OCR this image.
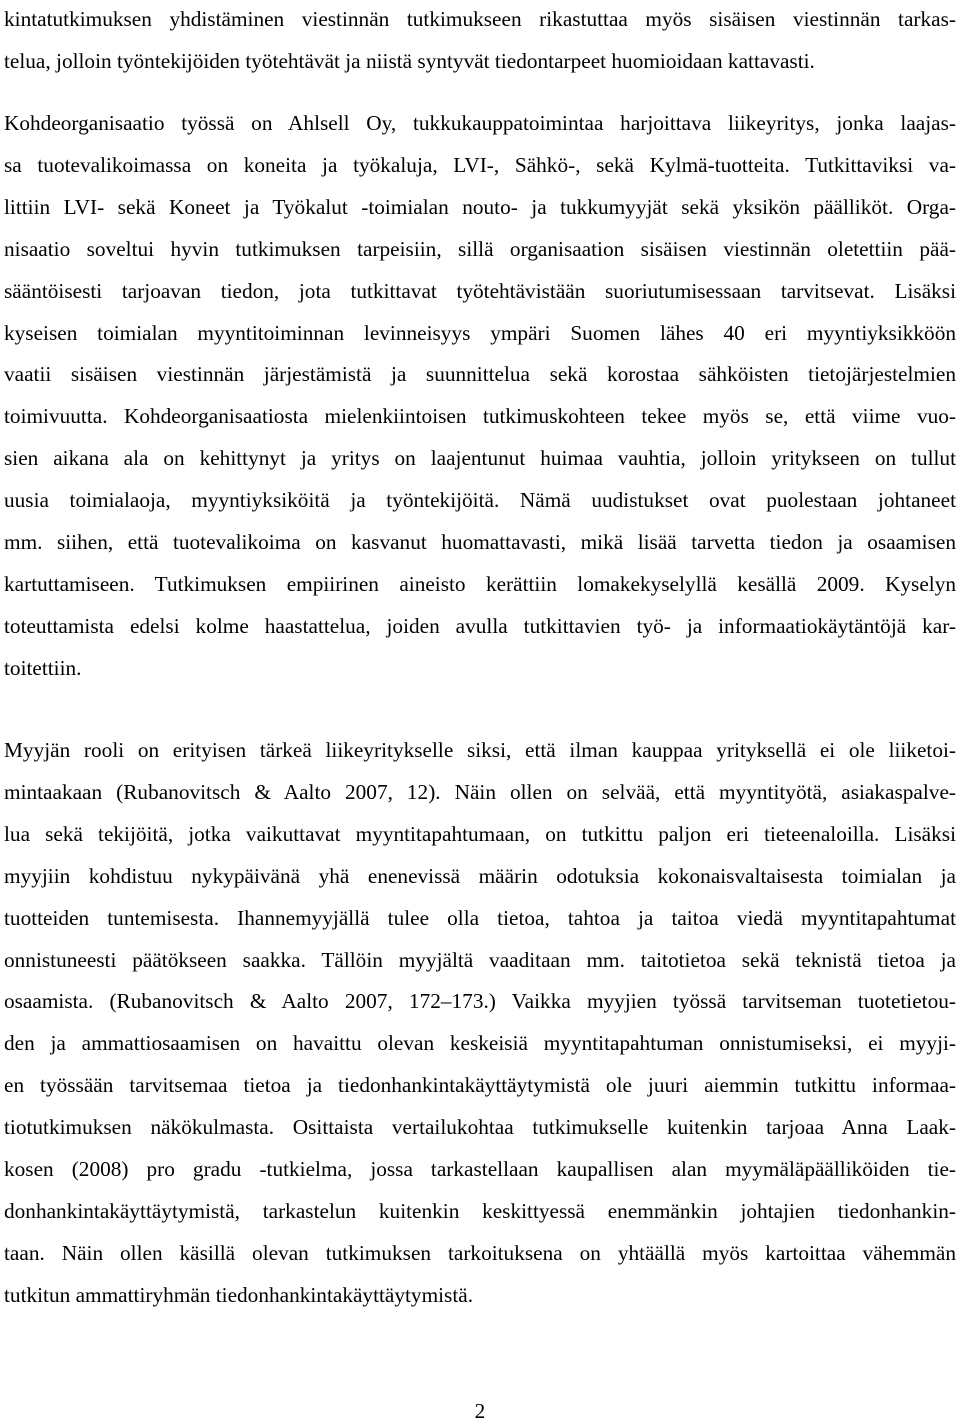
kintatutkimuksen yhdistäminen viestinnän tutkimukseen rikastuttaa myös sisäisen viestinnän tarkas-
telua, jolloin työntekijöiden työtehtävät ja niistä syntyvät tiedontarpeet huomioidaan kattavasti.

Kohdeorganisaatio työssä on Ahlsell Oy, tukkukauppatoimintaa harjoittava liikeyritys, jonka laajas-
sa tuotevalikoimassa on koneita ja työkaluja, LVI-, Sähkö-, sekä Kylmä-tuotteita. Tutkittaviksi va-
littiin LVI- sekä Koneet ja Työkalut -toimialan nouto- ja tukkumyyjät sekä yksikön päälliköt. Orga-
nisaatio soveltui hyvin tutkimuksen tarpeisiin, sillä organisaation sisäisen viestinnän oletettiin pää-
sääntöisesti tarjoavan tiedon, jota tutkittavat työtehtävistään suoriutumisessaan tarvitsevat. Lisäksi
kyseisen toimialan myyntitoiminnan levinneisyys ympäri Suomen lähes 40 eri myyntiyksikköön
vaatii sisäisen viestinnän järjestämistä ja suunnittelua sekä korostaa sähköisten tietojärjestelmien
toimivuutta. Kohdeorganisaatiosta mielenkiintoisen tutkimuskohteen tekee myös se, että viime vuo-
sien aikana ala on kehittynyt ja yritys on laajentunut huimaa vauhtia, jolloin yritykseen on tullut
uusia toimialaoja, myyntiyksiköitä ja työntekijöitä. Nämä uudistukset ovat puolestaan johtaneet
mm. siihen, että tuotevalikoima on kasvanut huomattavasti, mikä lisää tarvetta tiedon ja osaamisen
kartuttamiseen. Tutkimuksen empiirinen aineisto kerättiin lomakekyselyllä kesällä 2009. Kyselyn
toteuttamista edelsi kolme haastattelua, joiden avulla tutkittavien työ- ja informaatiokäytäntöjä kar-
toitettiin.

Myyjän rooli on erityisen tärkeä liikeyritykselle siksi, että ilman kauppaa yrityksellä ei ole liiketoi-
mintaakaan (Rubanovitsch & Aalto 2007, 12). Näin ollen on selvää, että myyntityötä, asiakaspalve-
lua sekä tekijöitä, jotka vaikuttavat myyntitapahtumaan, on tutkittu paljon eri tieteenaloilla. Lisäksi
myyjiin kohdistuu nykypäivänä yhä enenevissä määrin odotuksia kokonaisvaltaisesta toimialan ja
tuotteiden tuntemisesta. Ihannemyyjällä tulee olla tietoa, tahtoa ja taitoa viedä myyntitapahtumat
onnistuneesti päätökseen saakka. Tällöin myyjältä vaaditaan mm. taitotietoa sekä teknistä tietoa ja
osaamista. (Rubanovitsch & Aalto 2007, 172–173.) Vaikka myyjien työssä tarvitseman tuotetietou-
den ja ammattiosaamisen on havaittu olevan keskeisiä myyntitapahtuman onnistumiseksi, ei myyji-
en työssään tarvitsemaa tietoa ja tiedonhankintakäyttäytymistä ole juuri aiemmin tutkittu informaa-
tiotutkimuksen näkökulmasta. Osittaista vertailukohtaa tutkimukselle kuitenkin tarjoaa Anna Laak-
kosen (2008) pro gradu -tutkielma, jossa tarkastellaan kaupallisen alan myymäläpäälliköiden tie-
donhankintakäyttäytymistä, tarkastelun kuitenkin keskittyessä enemmänkin johtajien tiedonhankin-
taan. Näin ollen käsillä olevan tutkimuksen tarkoituksena on yhtäällä myös kartoittaa vähemmän
tutkitun ammattiryhmän tiedonhankintakäyttäytymistä.

2
